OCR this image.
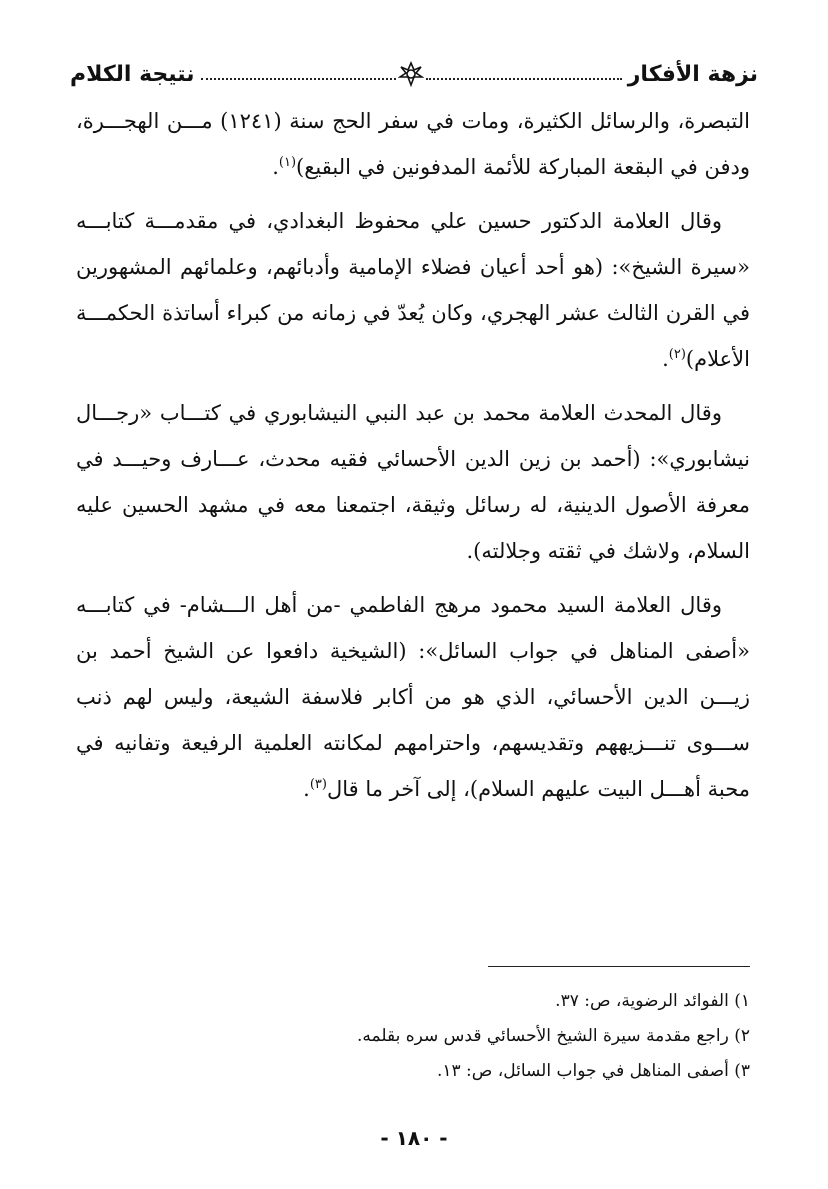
نتيجة الكلام	نزهة الأفكار

التبصرة، والرسائل الكثيرة، ومات في سفر الحج سنة (١٢٤١) مـــن الهجـــرة، ودفن في البقعة المباركة للأئمة المدفونين في البقيع)$^{(١)}$.

وقال العلامة الدكتور حسين علي محفوظ البغدادي، في مقدمـــة كتابـــه «سيرة الشيخ»: (هو أحد أعيان فضلاء الإمامية وأدبائهم، وعلمائهم المشهورين في القرن الثالث عشر الهجري، وكان يُعدّ في زمانه من كبراء أساتذة الحكمـــة الأعلام)$^{(٢)}$.

وقال المحدث العلامة محمد بن عبد النبي النيشابوري في كتـــاب «رجـــال نيشابوري»: (أحمد بن زين الدين الأحسائي فقيه محدث، عـــارف وحيـــد في معرفة الأصول الدينية، له رسائل وثيقة، اجتمعنا معه في مشهد الحسين عليه السلام، ولاشك في ثقته وجلالته).

وقال العلامة السيد محمود مرهج الفاطمي -من أهل الـــشام- في كتابـــه «أصفى المناهل في جواب السائل»: (الشيخية دافعوا عن الشيخ أحمد بن زيـــن الدين الأحسائي، الذي هو من أكابر فلاسفة الشيعة، وليس لهم ذنب ســـوى تنـــزيههم وتقديسهم، واحترامهم لمكانته العلمية الرفيعة وتفانيه في محبة أهـــل البيت عليهم السلام)، إلى آخر ما قال$^{(٣)}$.

١) الفوائد الرضوية، ص: ٣٧.
٢) راجع مقدمة سيرة الشيخ الأحسائي قدس سره بقلمه.
٣) أصفى المناهل في جواب السائل، ص: ١٣.
- ١٨٠ -
